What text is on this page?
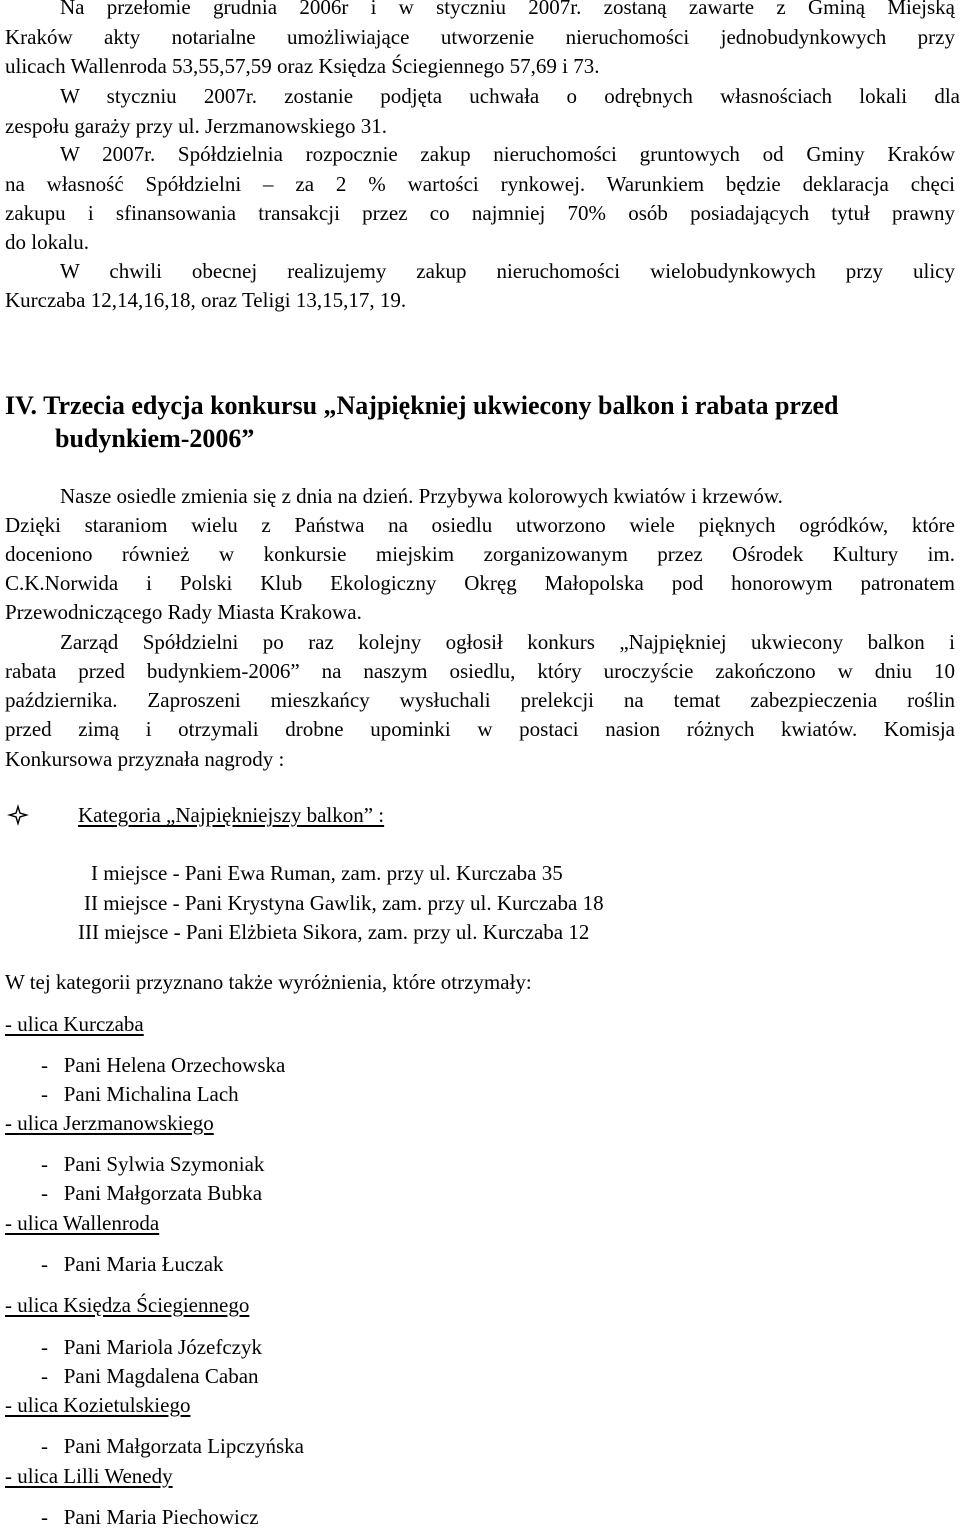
Na przełomie grudnia 2006r i w styczniu 2007r. zostaną zawarte z Gminą Miejską
Kraków akty notarialne umożliwiające utworzenie nieruchomości jednobudynkowych przy
ulicach Wallenroda 53,55,57,59 oraz Księdza Ściegiennego 57,69 i 73.
W styczniu 2007r. zostanie podjęta uchwała o odrębnych własnościach lokali dla
zespołu garaży przy ul. Jerzmanowskiego 31.
W 2007r. Spółdzielnia rozpocznie zakup nieruchomości gruntowych od Gminy Kraków
na własność Spółdzielni – za 2 % wartości rynkowej. Warunkiem będzie deklaracja chęci
zakupu i sfinansowania transakcji przez co najmniej 70% osób posiadających tytuł prawny
do lokalu.
W chwili obecnej realizujemy zakup nieruchomości wielobudynkowych przy ulicy
Kurczaba 12,14,16,18, oraz Teligi 13,15,17, 19.
IV. Trzecia edycja konkursu „Najpiękniej ukwiecony balkon i rabata przed
budynkiem-2006”
Nasze osiedle zmienia się z dnia na dzień. Przybywa kolorowych kwiatów i krzewów.
Dzięki staraniom wielu z Państwa na osiedlu utworzono wiele pięknych ogródków, które
doceniono również w konkursie miejskim zorganizowanym przez Ośrodek Kultury im.
C.K.Norwida i Polski Klub Ekologiczny Okręg Małopolska pod honorowym patronatem
Przewodniczącego Rady Miasta Krakowa.
Zarząd Spółdzielni po raz kolejny ogłosił konkurs „Najpiękniej ukwiecony balkon i
rabata przed budynkiem-2006” na naszym osiedlu, który uroczyście zakończono w dniu 10
października. Zaproszeni mieszkańcy wysłuchali prelekcji na temat zabezpieczenia roślin
przed zimą i otrzymali drobne upominki w postaci nasion różnych kwiatów. Komisja
Konkursowa przyznała nagrody :
Kategoria „Najpiękniejszy balkon” :
I miejsce - Pani Ewa Ruman, zam. przy ul. Kurczaba 35
II miejsce - Pani Krystyna Gawlik, zam. przy ul. Kurczaba 18
III miejsce - Pani Elżbieta Sikora, zam. przy ul. Kurczaba 12
W tej kategorii przyznano także wyróżnienia, które otrzymały:
- ulica Kurczaba
-   Pani Helena Orzechowska
-   Pani Michalina Lach
- ulica Jerzmanowskiego
-   Pani Sylwia Szymoniak
-   Pani Małgorzata Bubka
- ulica Wallenroda
-   Pani Maria Łuczak
- ulica Księdza Ściegiennego
-   Pani Mariola Józefczyk
-   Pani Magdalena Caban
- ulica Kozietulskiego
-   Pani Małgorzata Lipczyńska
- ulica Lilli Wenedy
-   Pani Maria Piechowicz
